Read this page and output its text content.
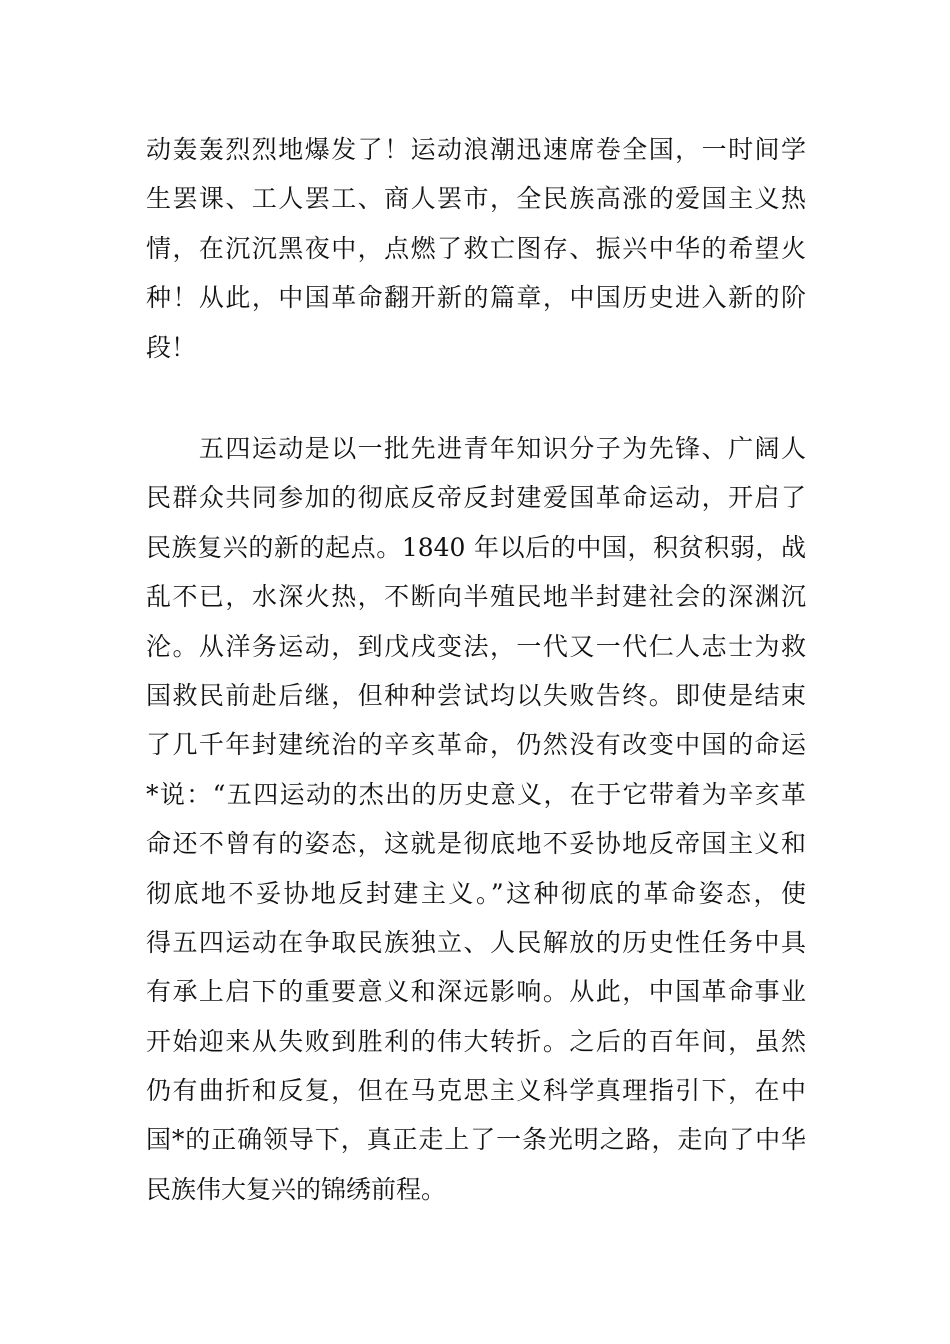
动轰轰烈烈地爆发了！运动浪潮迅速席卷全国，一时间学
生罢课、工人罢工、商人罢市，全民族高涨的爱国主义热
情，在沉沉黑夜中，点燃了救亡图存、振兴中华的希望火
种！从此，中国革命翻开新的篇章，中国历史进入新的阶
段！
　　五四运动是以一批先进青年知识分子为先锋、广阔人
民群众共同参加的彻底反帝反封建爱国革命运动，开启了
民族复兴的新的起点。1840 年以后的中国，积贫积弱，战
乱不已，水深火热，不断向半殖民地半封建社会的深渊沉
沦。从洋务运动，到戊戌变法，一代又一代仁人志士为救
国救民前赴后继，但种种尝试均以失败告终。即使是结束
了几千年封建统治的辛亥革命，仍然没有改变中国的命运
*说：“五四运动的杰出的历史意义，在于它带着为辛亥革
命还不曾有的姿态，这就是彻底地不妥协地反帝国主义和
彻底地不妥协地反封建主义。”这种彻底的革命姿态，使
得五四运动在争取民族独立、人民解放的历史性任务中具
有承上启下的重要意义和深远影响。从此，中国革命事业
开始迎来从失败到胜利的伟大转折。之后的百年间，虽然
仍有曲折和反复，但在马克思主义科学真理指引下，在中
国*的正确领导下，真正走上了一条光明之路，走向了中华
民族伟大复兴的锦绣前程。
